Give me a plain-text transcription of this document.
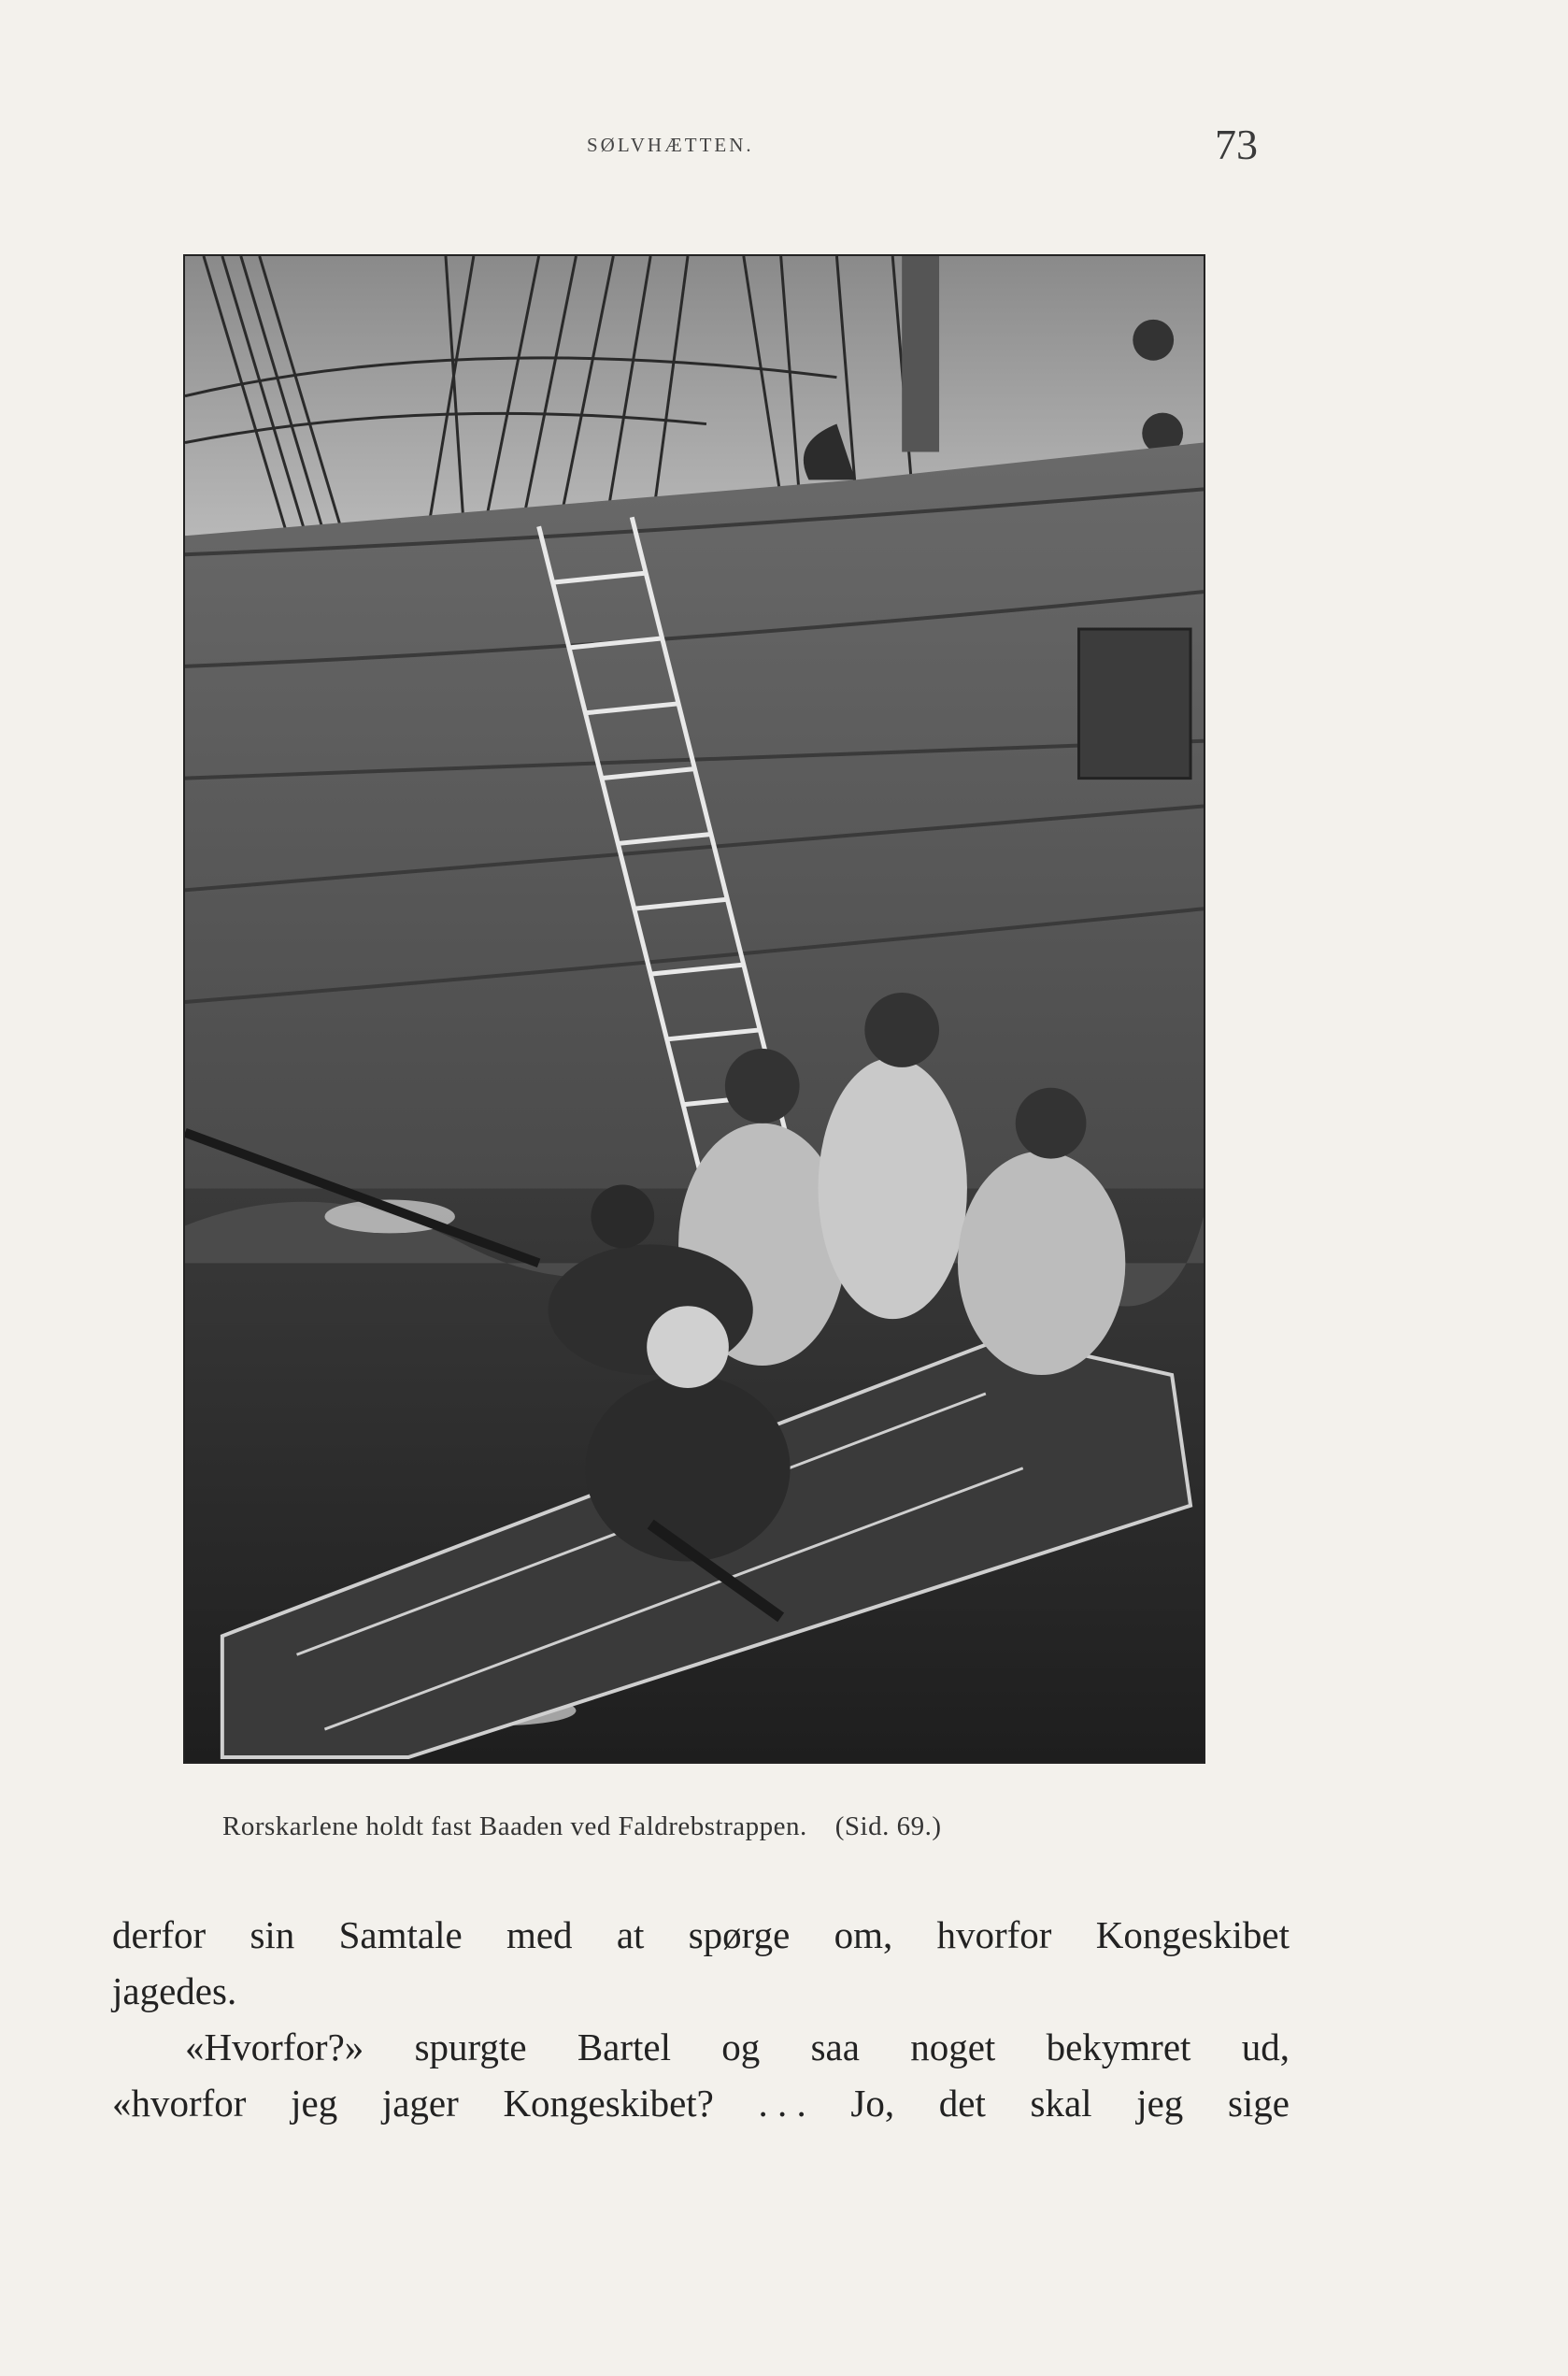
SØLVHÆTTEN.	73
Rorskarlene holdt fast Baaden ved Faldrebstrappen. (Sid. 69.)

derfor sin Samtale med at spørge om, hvorfor Kongeskibet

jagedes.

«Hvorfor?» spurgte Bartel og saa noget bekymret ud,

«hvorfor jeg jager Kongeskibet? . . . Jo, det skal jeg sige
